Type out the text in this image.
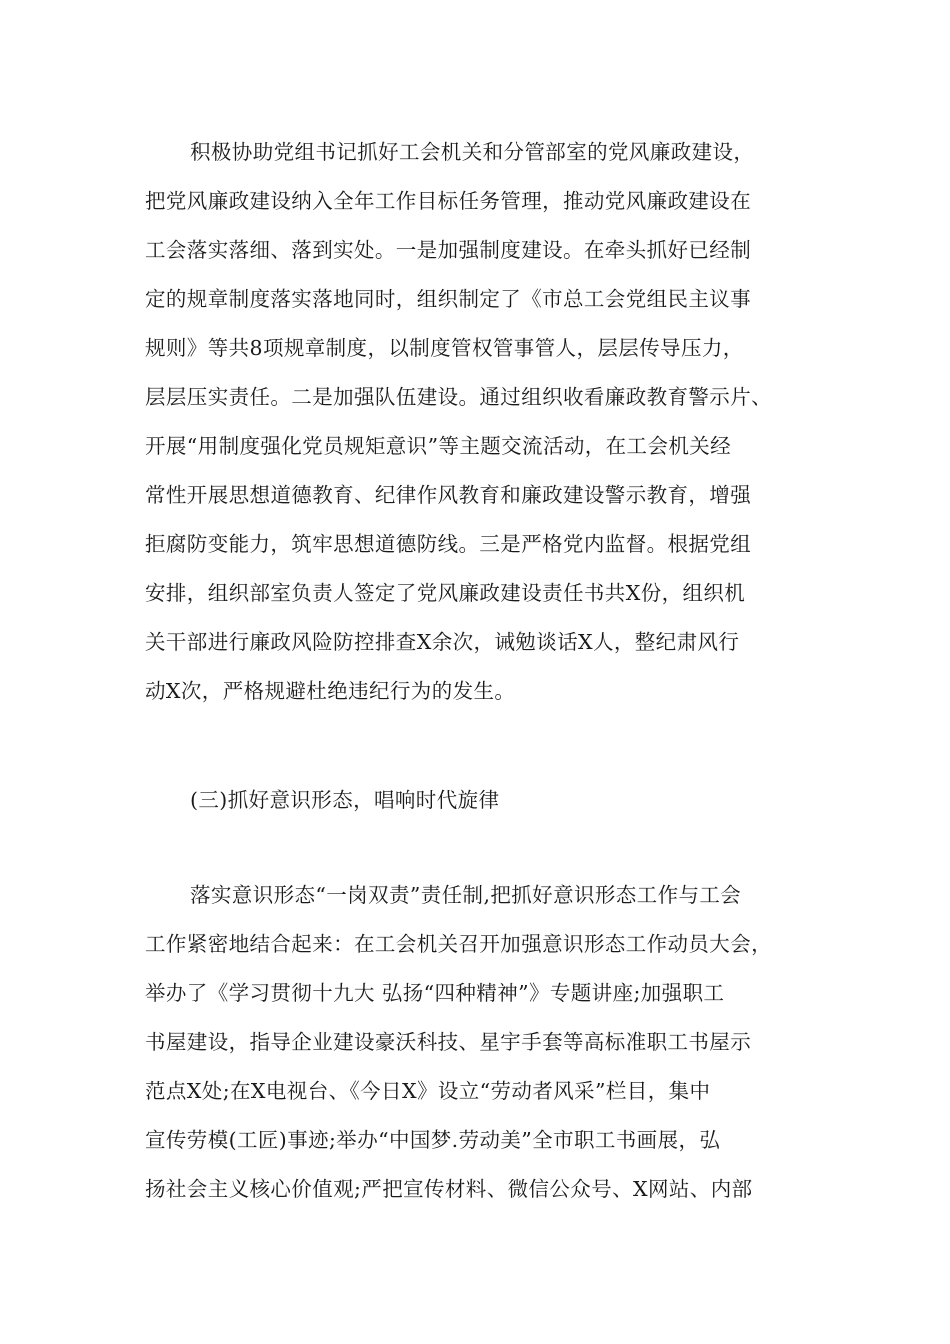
积极协助党组书记抓好工会机关和分管部室的党风廉政建设，
把党风廉政建设纳入全年工作目标任务管理，推动党风廉政建设在
工会落实落细、落到实处。一是加强制度建设。在牵头抓好已经制
定的规章制度落实落地同时，组织制定了《市总工会党组民主议事
规则》等共8项规章制度，以制度管权管事管人，层层传导压力，
层层压实责任。二是加强队伍建设。通过组织收看廉政教育警示片、
开展“用制度强化党员规矩意识”等主题交流活动，在工会机关经
常性开展思想道德教育、纪律作风教育和廉政建设警示教育，增强
拒腐防变能力，筑牢思想道德防线。三是严格党内监督。根据党组
安排，组织部室负责人签定了党风廉政建设责任书共X份，组织机
关干部进行廉政风险防控排查X余次，诫勉谈话X人，整纪肃风行
动X次，严格规避杜绝违纪行为的发生。
(三)抓好意识形态，唱响时代旋律
落实意识形态“一岗双责”责任制,把抓好意识形态工作与工会
工作紧密地结合起来：在工会机关召开加强意识形态工作动员大会，
举办了《学习贯彻十九大 弘扬“四种精神”》专题讲座;加强职工
书屋建设，指导企业建设豪沃科技、星宇手套等高标准职工书屋示
范点X处;在X电视台、《今日X》设立“劳动者风采”栏目，集中
宣传劳模(工匠)事迹;举办“中国梦.劳动美”全市职工书画展，弘
扬社会主义核心价值观;严把宣传材料、微信公众号、X网站、内部
